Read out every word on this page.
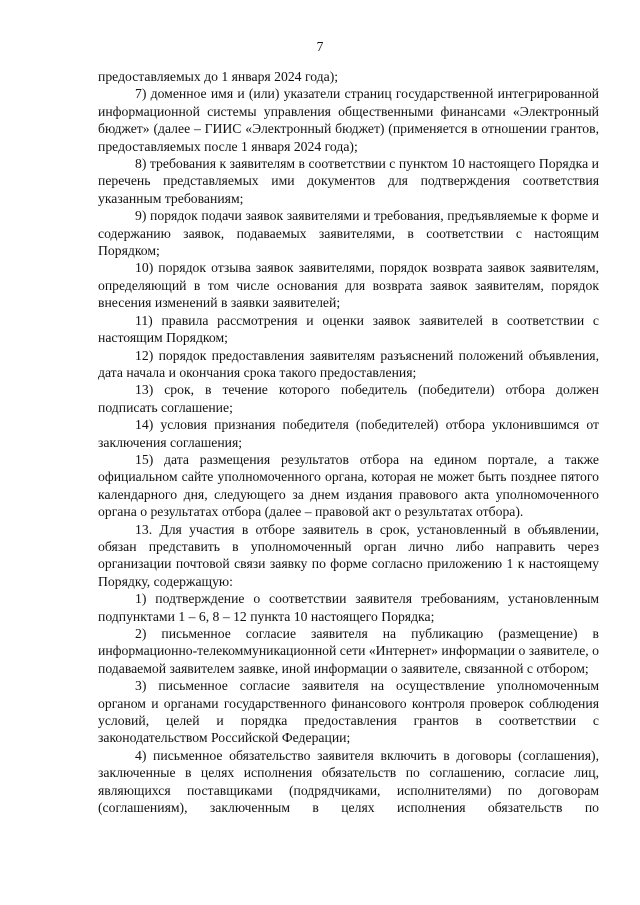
7

предоставляемых до 1 января 2024 года);

7) доменное имя и (или) указатели страниц государственной интегрированной информационной системы управления общественными финансами «Электронный бюджет» (далее – ГИИС «Электронный бюджет) (применяется в отношении грантов, предоставляемых после 1 января 2024 года);

8) требования к заявителям в соответствии с пунктом 10 настоящего Порядка и перечень представляемых ими документов для подтверждения соответствия указанным требованиям;

9) порядок подачи заявок заявителями и требования, предъявляемые к форме и содержанию заявок, подаваемых заявителями, в соответствии с настоящим Порядком;

10) порядок отзыва заявок заявителями, порядок возврата заявок заявителям, определяющий в том числе основания для возврата заявок заявителям, порядок внесения изменений в заявки заявителей;

11) правила рассмотрения и оценки заявок заявителей в соответствии с настоящим Порядком;

12) порядок предоставления заявителям разъяснений положений объявления, дата начала и окончания срока такого предоставления;

13) срок, в течение которого победитель (победители) отбора должен подписать соглашение;

14) условия признания победителя (победителей) отбора уклонившимся от заключения соглашения;

15) дата размещения результатов отбора на едином портале, а также официальном сайте уполномоченного органа, которая не может быть позднее пятого календарного дня, следующего за днем издания правового акта уполномоченного органа о результатах отбора (далее – правовой акт о результатах отбора).

13. Для участия в отборе заявитель в срок, установленный в объявлении, обязан представить в уполномоченный орган лично либо направить через организации почтовой связи заявку по форме согласно приложению 1 к настоящему Порядку, содержащую:

1) подтверждение о соответствии заявителя требованиям, установленным подпунктами 1 – 6, 8 – 12 пункта 10 настоящего Порядка;

2) письменное согласие заявителя на публикацию (размещение) в информационно-телекоммуникационной сети «Интернет» информации о заявителе, о подаваемой заявителем заявке, иной информации о заявителе, связанной с отбором;

3) письменное согласие заявителя на осуществление уполномоченным органом и органами государственного финансового контроля проверок соблюдения условий, целей и порядка предоставления грантов в соответствии с законодательством Российской Федерации;

4) письменное обязательство заявителя включить в договоры (соглашения), заключенные в целях исполнения обязательств по соглашению, согласие лиц, являющихся поставщиками (подрядчиками, исполнителями) по договорам (соглашениям), заключенным в целях исполнения обязательств по
